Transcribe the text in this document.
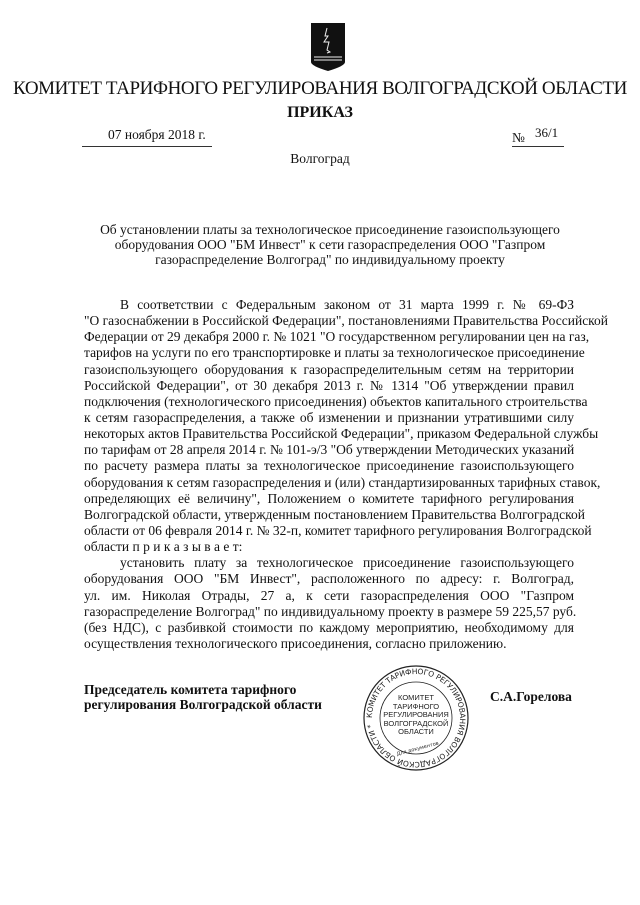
КОМИТЕТ ТАРИФНОГО РЕГУЛИРОВАНИЯ ВОЛГОГРАДСКОЙ ОБЛАСТИ
ПРИКАЗ
07 ноября 2018 г.	№ 36/1
Волгоград
Об установлении платы за технологическое присоединение газоиспользующего
оборудования ООО "БМ Инвест" к сети газораспределения ООО "Газпром
газораспределение Волгоград" по индивидуальному проекту
В соответствии с Федеральным законом от 31 марта 1999 г. № 69-ФЗ
"О газоснабжении в Российской Федерации", постановлениями Правительства Российской
Федерации от 29 декабря 2000 г. № 1021 "О государственном регулировании цен на газ,
тарифов на услуги по его транспортировке и платы за технологическое присоединение
газоиспользующего оборудования к газораспределительным сетям на территории
Российской Федерации", от 30 декабря 2013 г. № 1314 "Об утверждении правил
подключения (технологического присоединения) объектов капитального строительства
к сетям газораспределения, а также об изменении и признании утратившими силу
некоторых актов Правительства Российской Федерации", приказом Федеральной службы
по тарифам от 28 апреля 2014 г. № 101-э/3 "Об утверждении Методических указаний
по расчету размера платы за технологическое присоединение газоиспользующего
оборудования к сетям газораспределения и (или) стандартизированных тарифных ставок,
определяющих её величину", Положением о комитете тарифного регулирования
Волгоградской области, утвержденным постановлением Правительства Волгоградской
области от 06 февраля 2014 г. № 32-п, комитет тарифного регулирования Волгоградской
области п р и к а з ы в а е т:
установить плату за технологическое присоединение газоиспользующего
оборудования ООО "БМ Инвест", расположенного по адресу: г. Волгоград,
ул. им. Николая Отрады, 27 а, к сети газораспределения ООО "Газпром
газораспределение Волгоград" по индивидуальному проекту в размере 59 225,57 руб.
(без НДС), с разбивкой стоимости по каждому мероприятию, необходимому для
осуществления технологического присоединения, согласно приложению.
Председатель комитета тарифного
регулирования Волгоградской области
С.А.Горелова
КОМИТЕТ ТАРИФНОГО РЕГУЛИРОВАНИЯ ВОЛГОГРАДСКОЙ ОБЛАСТИ *
Для документов
КОМИТЕТ ТАРИФНОГО РЕГУЛИРОВАНИЯ ВОЛГОГРАДСКОЙ ОБЛАСТИ
